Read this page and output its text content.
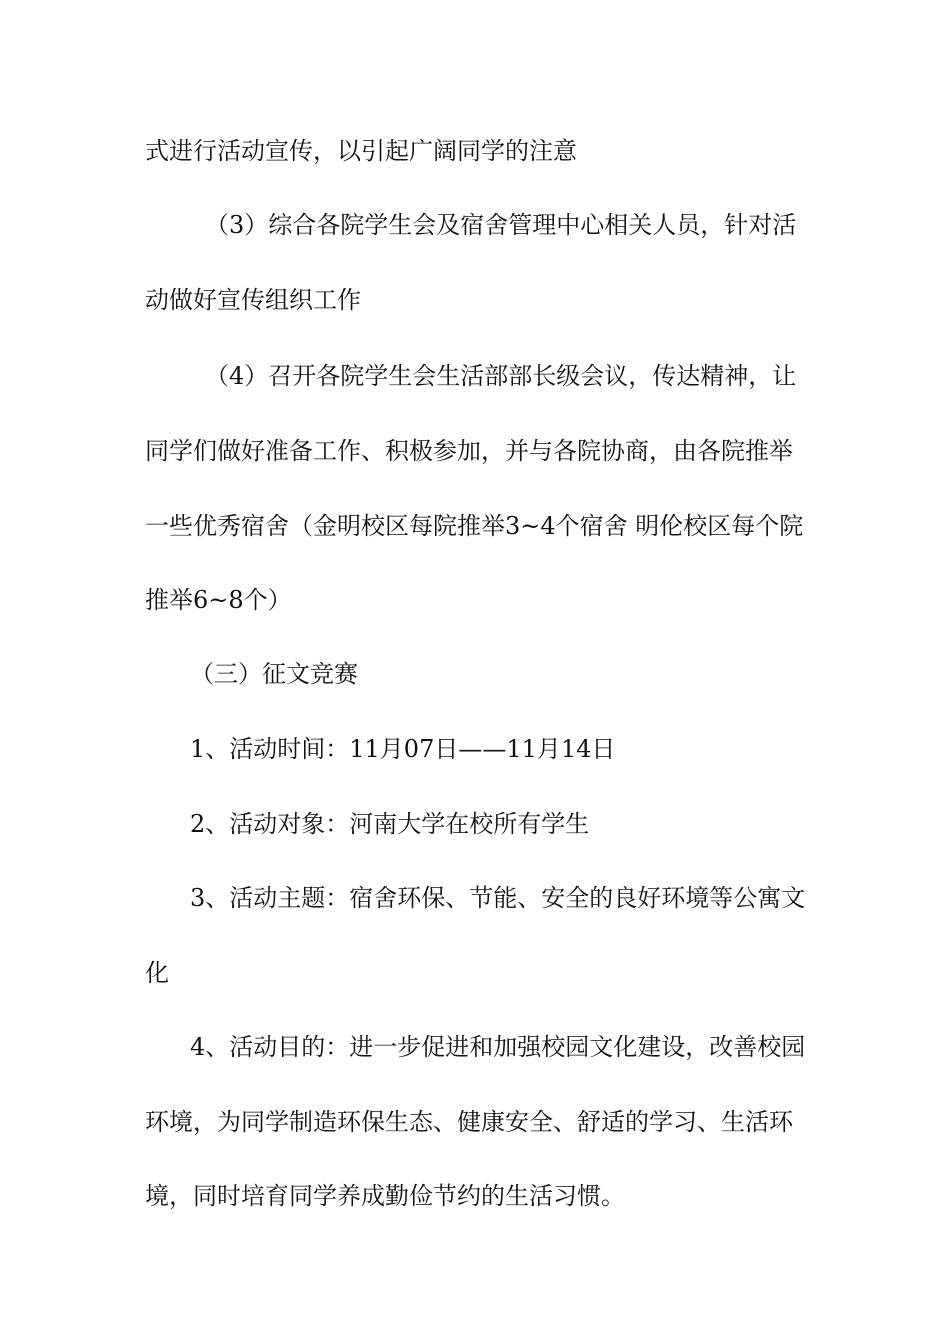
式进行活动宣传，以引起广阔同学的注意
（3）综合各院学生会及宿舍管理中心相关人员，针对活
动做好宣传组织工作
（4）召开各院学生会生活部部长级会议，传达精神，让
同学们做好准备工作、积极参加，并与各院协商，由各院推举
一些优秀宿舍（金明校区每院推举3~4个宿舍 明伦校区每个院
推举6~8个）
（三）征文竞赛
1、活动时间：11月07日——11月14日
2、活动对象：河南大学在校所有学生
3、活动主题：宿舍环保、节能、安全的良好环境等公寓文
化
4、活动目的：进一步促进和加强校园文化建设，改善校园
环境，为同学制造环保生态、健康安全、舒适的学习、生活环
境，同时培育同学养成勤俭节约的生活习惯。
